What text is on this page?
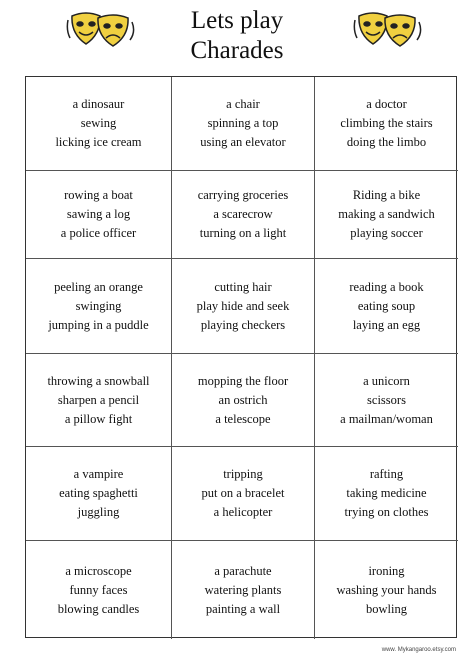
Lets play
Charades
a dinosaur
sewing
licking ice cream
a chair
spinning a top
using an elevator
a doctor
climbing the stairs
doing the limbo
rowing a boat
sawing a log
a police officer
carrying groceries
a scarecrow
turning on a light
Riding a bike
making a sandwich
playing soccer
peeling an orange
swinging
jumping in a puddle
cutting hair
play hide and seek
playing checkers
reading a book
eating soup
laying an egg
throwing a snowball
sharpen a pencil
a pillow fight
mopping the floor
an ostrich
a telescope
a unicorn
scissors
a mailman/woman
a vampire
eating spaghetti
juggling
tripping
put on a bracelet
a helicopter
rafting
taking medicine
trying on clothes
a microscope
funny faces
blowing candles
a parachute
watering plants
painting a wall
ironing
washing your hands
bowling
www. Mykangaroo.etsy.com
